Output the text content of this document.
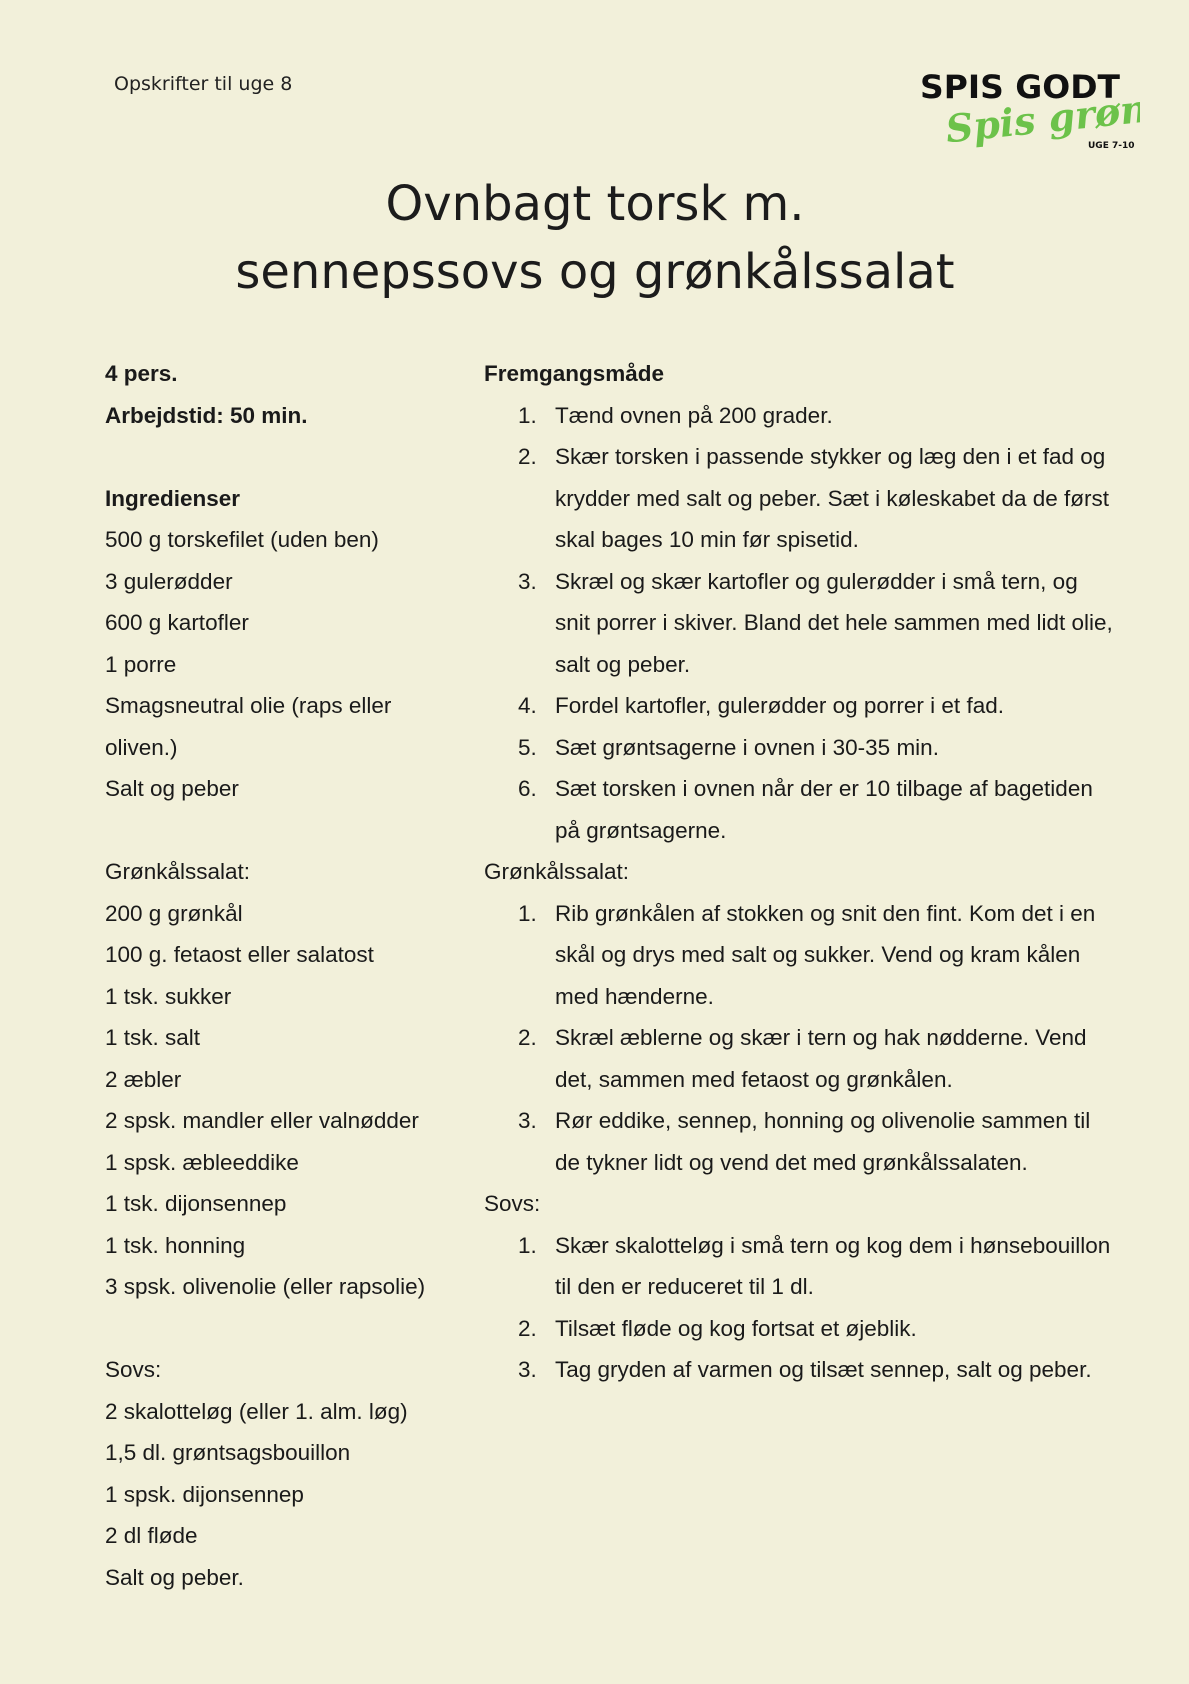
Opskrifter til uge 8	SPIS GODT
Spis grønt
UGE 7-10
Ovnbagt torsk m.
sennepssovs og grønkålssalat
4 pers.
Arbejdstid: 50 min.
Ingredienser
500 g torskefilet (uden ben)
3 gulerødder
600 g kartofler
1 porre
Smagsneutral olie (raps eller
oliven.)
Salt og peber
Grønkålssalat:
200 g grønkål
100 g. fetaost eller salatost
1 tsk. sukker
1 tsk. salt
2 æbler
2 spsk. mandler eller valnødder
1 spsk. æbleeddike
1 tsk. dijonsennep
1 tsk. honning
3 spsk. olivenolie (eller rapsolie)
Sovs:
2 skalotteløg (eller 1. alm. løg)
1,5 dl. grøntsagsbouillon
1 spsk. dijonsennep
2 dl fløde
Salt og peber.
Fremgangsmåde
1. Tænd ovnen på 200 grader.
2. Skær torsken i passende stykker og læg den i et fad og krydder med salt og peber. Sæt i køleskabet da de først skal bages 10 min før spisetid.
3. Skræl og skær kartofler og gulerødder i små tern, og snit porrer i skiver. Bland det hele sammen med lidt olie, salt og peber.
4. Fordel kartofler, gulerødder og porrer i et fad.
5. Sæt grøntsagerne i ovnen i 30-35 min.
6. Sæt torsken i ovnen når der er 10 tilbage af bagetiden på grøntsagerne.
Grønkålssalat:
1. Rib grønkålen af stokken og snit den fint. Kom det i en skål og drys med salt og sukker. Vend og kram kålen med hænderne.
2. Skræl æblerne og skær i tern og hak nødderne. Vend det, sammen med fetaost og grønkålen.
3. Rør eddike, sennep, honning og olivenolie sammen til de tykner lidt og vend det med grønkålssalaten.
Sovs:
1. Skær skalotteløg i små tern og kog dem i hønsebouillon til den er reduceret til 1 dl.
2. Tilsæt fløde og kog fortsat et øjeblik.
3. Tag gryden af varmen og tilsæt sennep, salt og peber.
